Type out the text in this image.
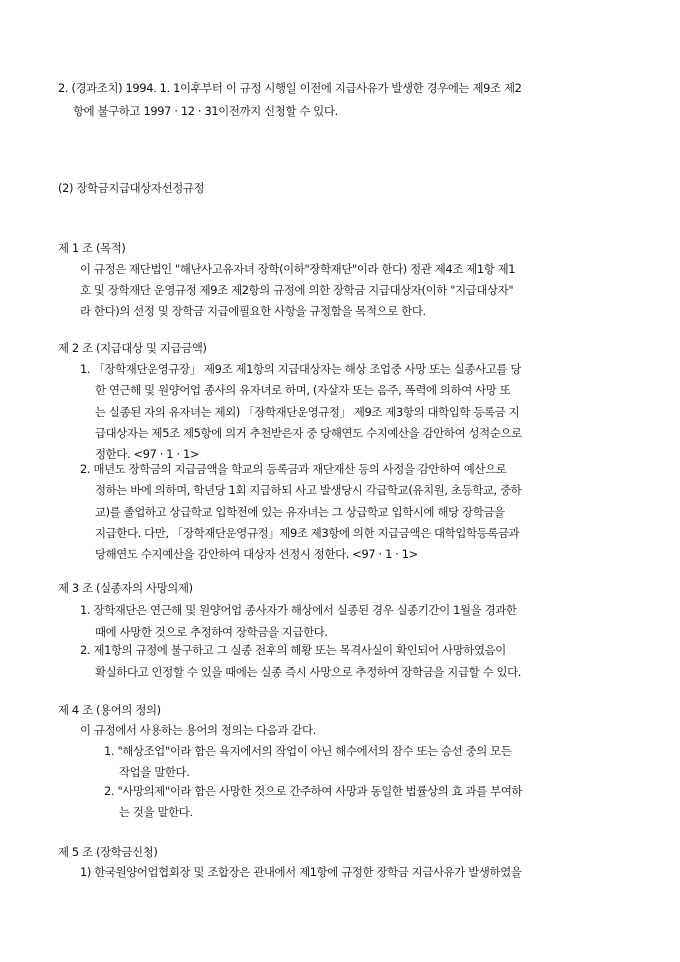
2. (경과조치) 1994. 1. 1이후부터 이 규정 시행일 이전에 지급사유가 발생한 경우에는 제9조 제2
항에 불구하고 1997 · 12 · 31이전까지 신청할 수 있다.
(2) 장학금지급대상자선정규정
제 1 조 (목적)
이 규정은 재단법인 "해난사고유자녀 장학(이하"장학재단"이라 한다) 정관 제4조 제1항 제1
호 및 장학재단 운영규정 제9조 제2항의 규정에 의한 장학금 지급대상자(이하 "지급대상자"
라 한다)의 선정 및 장학금 지급에필요한 사항을 규정함을 목적으로 한다.
제 2 조 (지급대상 및 지급금액)
1. 「장학재단운영규장」 제9조 제1항의 지급대상자는 해상 조업중 사망 또는 실종사고를 당
한 연근해 및 원양어업 종사의 유자녀로 하며, (자살자 또는 음주, 폭력에 의하여 사망 또
는 실종된 자의 유자녀는 제외) 「장학재단운영규정」 제9조 제3항의 대학입학 등록금 지
급대상자는 제5조 제5항에 의거 추천받은자 중 당해연도 수지예산을 감안하여 성적순으로
정한다. <97 · 1 · 1>
2. 매년도 장학금의 지급금액을 학교의 등록금과 재단재산 등의 사정을 감안하여 예산으로
정하는 바에 의하며, 학년당 1회 지급하되 사고 발생당시 각급학교(유치원, 초등학교, 중하
교)를 졸업하고 상급학교 입학전에 있는 유자녀는 그 상급학교 입학시에 해당 장학금을
지급한다. 다만, 「장학재단운영규정」제9조 제3항에 의한 지급금액은 대학입학등록금과
당해연도 수지예산을 감안하여 대상자 선정시 정한다. <97 · 1 · 1>
제 3 조 (실종자의 사망의제)
1. 장학재단은 연근해 및 원양어업 종사자가 해상에서 실종된 경우 실종기간이 1월을 경과한
때에 사망한 것으로 추정하여 장학금을 지급한다.
2. 제1항의 규정에 불구하고 그 실종 전후의 해황 또는 목격사실이 확인되어 사망하였음이
확실하다고 인정할 수 있을 때에는 실종 즉시 사망으로 추정하여 장학금을 지급할 수 있다.
제 4 조 (용어의 정의)
이 규정에서 사용하는 용어의 정의는 다음과 같다.
1. "해상조업"이라 함은 육지에서의 작업이 아닌 해수에서의 잠수 또는 승선 중의 모든
작업을 말한다.
2. "사망의제"이라 함은 사망한 것으로 간주하여 사망과 동일한 법률상의 효 과를 부여하
는 것을 말한다.
제 5 조 (장학금신청)
1) 한국원양어업협회장 및 조합장은 관내에서 제1항에 규정한 장학금 지급사유가 발생하였을
